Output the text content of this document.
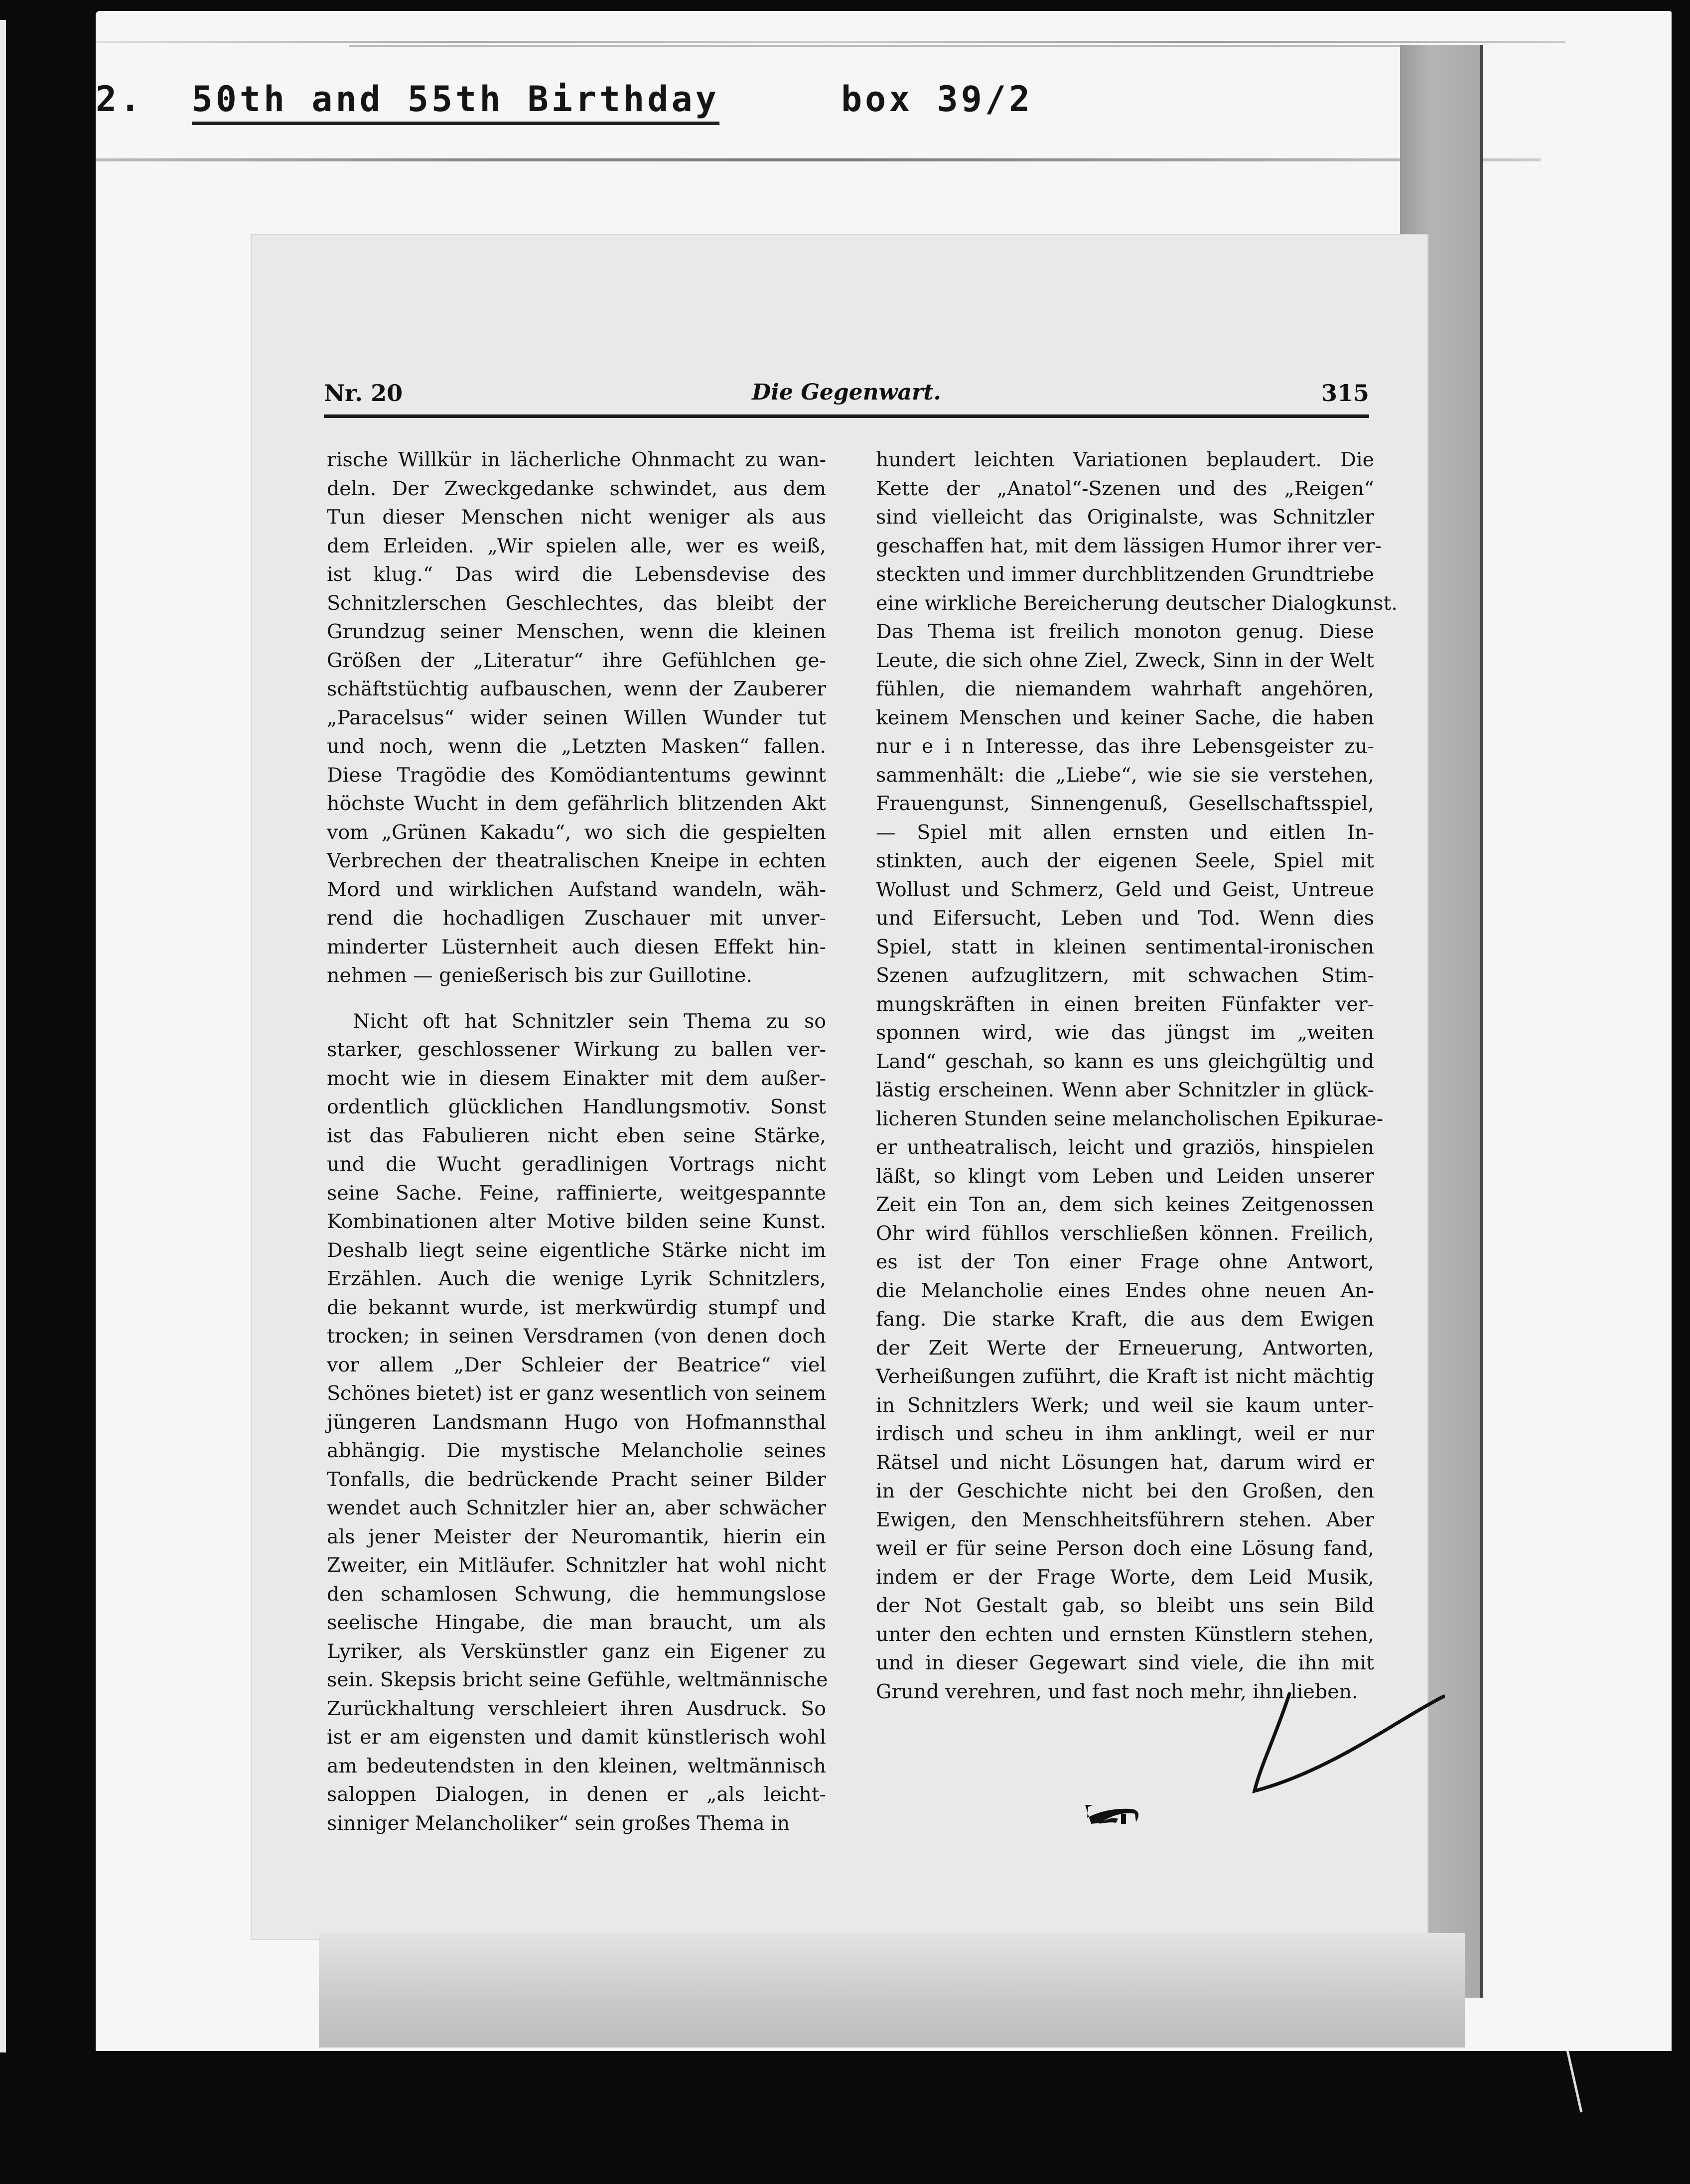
2. 50th and 55th Birthday	box 39/2
Nr. 20	Die Gegenwart.	315
rische Willkür in lächerliche Ohnmacht zu wan-
deln. Der Zweckgedanke schwindet, aus dem
Tun dieser Menschen nicht weniger als aus
dem Erleiden. „Wir spielen alle, wer es weiß,
ist klug.“ Das wird die Lebensdevise des
Schnitzlerschen Geschlechtes, das bleibt der
Grundzug seiner Menschen, wenn die kleinen
Größen der „Literatur“ ihre Gefühlchen ge-
schäftstüchtig aufbauschen, wenn der Zauberer
„Paracelsus“ wider seinen Willen Wunder tut
und noch, wenn die „Letzten Masken“ fallen.
Diese Tragödie des Komödiantentums gewinnt
höchste Wucht in dem gefährlich blitzenden Akt
vom „Grünen Kakadu“, wo sich die gespielten
Verbrechen der theatralischen Kneipe in echten
Mord und wirklichen Aufstand wandeln, wäh-
rend die hochadligen Zuschauer mit unver-
minderter Lüsternheit auch diesen Effekt hin-
nehmen — genießerisch bis zur Guillotine.
Nicht oft hat Schnitzler sein Thema zu so
starker, geschlossener Wirkung zu ballen ver-
mocht wie in diesem Einakter mit dem außer-
ordentlich glücklichen Handlungsmotiv. Sonst
ist das Fabulieren nicht eben seine Stärke,
und die Wucht geradlinigen Vortrags nicht
seine Sache. Feine, raffinierte, weitgespannte
Kombinationen alter Motive bilden seine Kunst.
Deshalb liegt seine eigentliche Stärke nicht im
Erzählen. Auch die wenige Lyrik Schnitzlers,
die bekannt wurde, ist merkwürdig stumpf und
trocken; in seinen Versdramen (von denen doch
vor allem „Der Schleier der Beatrice“ viel
Schönes bietet) ist er ganz wesentlich von seinem
jüngeren Landsmann Hugo von Hofmannsthal
abhängig. Die mystische Melancholie seines
Tonfalls, die bedrückende Pracht seiner Bilder
wendet auch Schnitzler hier an, aber schwächer
als jener Meister der Neuromantik, hierin ein
Zweiter, ein Mitläufer. Schnitzler hat wohl nicht
den schamlosen Schwung, die hemmungslose
seelische Hingabe, die man braucht, um als
Lyriker, als Verskünstler ganz ein Eigener zu
sein. Skepsis bricht seine Gefühle, weltmännische
Zurückhaltung verschleiert ihren Ausdruck. So
ist er am eigensten und damit künstlerisch wohl
am bedeutendsten in den kleinen, weltmännisch
saloppen Dialogen, in denen er „als leicht-
sinniger Melancholiker“ sein großes Thema in
hundert leichten Variationen beplaudert. Die
Kette der „Anatol“-Szenen und des „Reigen“
sind vielleicht das Originalste, was Schnitzler
geschaffen hat, mit dem lässigen Humor ihrer ver-
steckten und immer durchblitzenden Grundtriebe
eine wirkliche Bereicherung deutscher Dialogkunst.
Das Thema ist freilich monoton genug. Diese
Leute, die sich ohne Ziel, Zweck, Sinn in der Welt
fühlen, die niemandem wahrhaft angehören,
keinem Menschen und keiner Sache, die haben
nur e i n Interesse, das ihre Lebensgeister zu-
sammenhält: die „Liebe“, wie sie sie verstehen,
Frauengunst, Sinnengenuß, Gesellschaftsspiel,
— Spiel mit allen ernsten und eitlen In-
stinkten, auch der eigenen Seele, Spiel mit
Wollust und Schmerz, Geld und Geist, Untreue
und Eifersucht, Leben und Tod. Wenn dies
Spiel, statt in kleinen sentimental-ironischen
Szenen aufzuglitzern, mit schwachen Stim-
mungskräften in einen breiten Fünfakter ver-
sponnen wird, wie das jüngst im „weiten
Land“ geschah, so kann es uns gleichgültig und
lästig erscheinen. Wenn aber Schnitzler in glück-
licheren Stunden seine melancholischen Epikurae-
er untheatralisch, leicht und graziös, hinspielen
läßt, so klingt vom Leben und Leiden unserer
Zeit ein Ton an, dem sich keines Zeitgenossen
Ohr wird fühllos verschließen können. Freilich,
es ist der Ton einer Frage ohne Antwort,
die Melancholie eines Endes ohne neuen An-
fang. Die starke Kraft, die aus dem Ewigen
der Zeit Werte der Erneuerung, Antworten,
Verheißungen zuführt, die Kraft ist nicht mächtig
in Schnitzlers Werk; und weil sie kaum unter-
irdisch und scheu in ihm anklingt, weil er nur
Rätsel und nicht Lösungen hat, darum wird er
in der Geschichte nicht bei den Großen, den
Ewigen, den Menschheitsführern stehen. Aber
weil er für seine Person doch eine Lösung fand,
indem er der Frage Worte, dem Leid Musik,
der Not Gestalt gab, so bleibt uns sein Bild
unter den echten und ernsten Künstlern stehen,
und in dieser Gegewart sind viele, die ihn mit
Grund verehren, und fast noch mehr, ihn lieben.
